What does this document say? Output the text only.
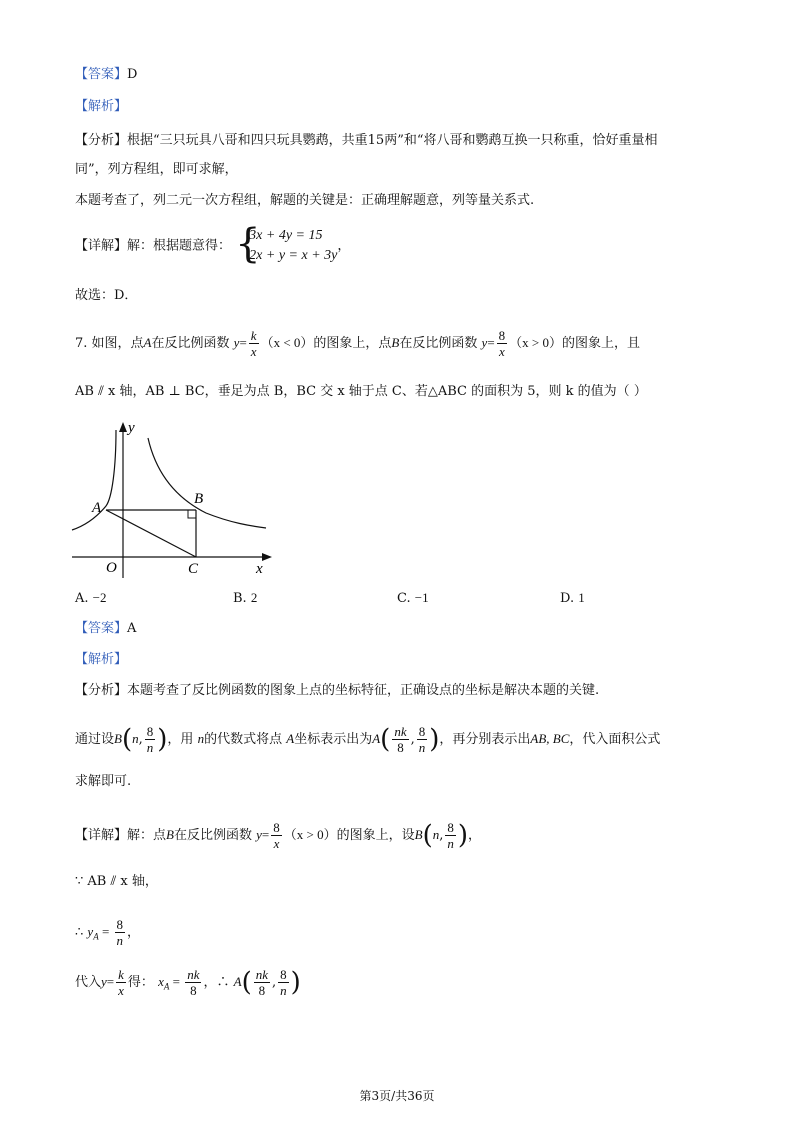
【答案】D
【解析】
【分析】根据“三只玩具八哥和四只玩具鹦鹉，共重15两”和“将八哥和鹦鹉互换一只称重，恰好重量相
同”，列方程组，即可求解，
本题考查了，列二元一次方程组，解题的关键是：正确理解题意，列等量关系式.
【详解】解：根据题意得： {
3x + 4y = 15
2x + y = x + 3y
，
故选：D．
7. 如图，点A在反比例函数 $y= \frac{k}{x} (x < 0)$的图象上，点B在反比例函数 $y= \frac{8}{x} (x > 0)$的图象上，且
AB ⫽ x 轴，AB ⊥ BC，垂足为点 B，BC 交 x 轴于点 C、若△ABC 的面积为 5，则 k 的值为（ ）
y
x
O
A
B
C
A. −2	B. 2	C. −1	D. 1
【答案】A
【解析】
【分析】本题考查了反比例函数的图象上点的坐标特征，正确设点的坐标是解决本题的关键.
通过设B(n, $\frac{8}{n}$ )，用 n的代数式将点 A坐标表示出为$A( \frac{nk}{8}$ , $\frac{8}{n}$ )，再分别表示出AB, BC，代入面积公式
求解即可.
【详解】解：点B在反比例函数 $y= \frac{8}{x} (x > 0)$的图象上，设B(n, $\frac{8}{n}$ )，
∵ AB ⫽ x 轴，
∴ $y_A = \frac{8}{n}$ ，
代入$y= \frac{k}{x}$ 得： $x_A = \frac{nk}{8}$ ，∴ $A( \frac{nk}{8}$ , $\frac{8}{n}$ )
第3页/共36页
